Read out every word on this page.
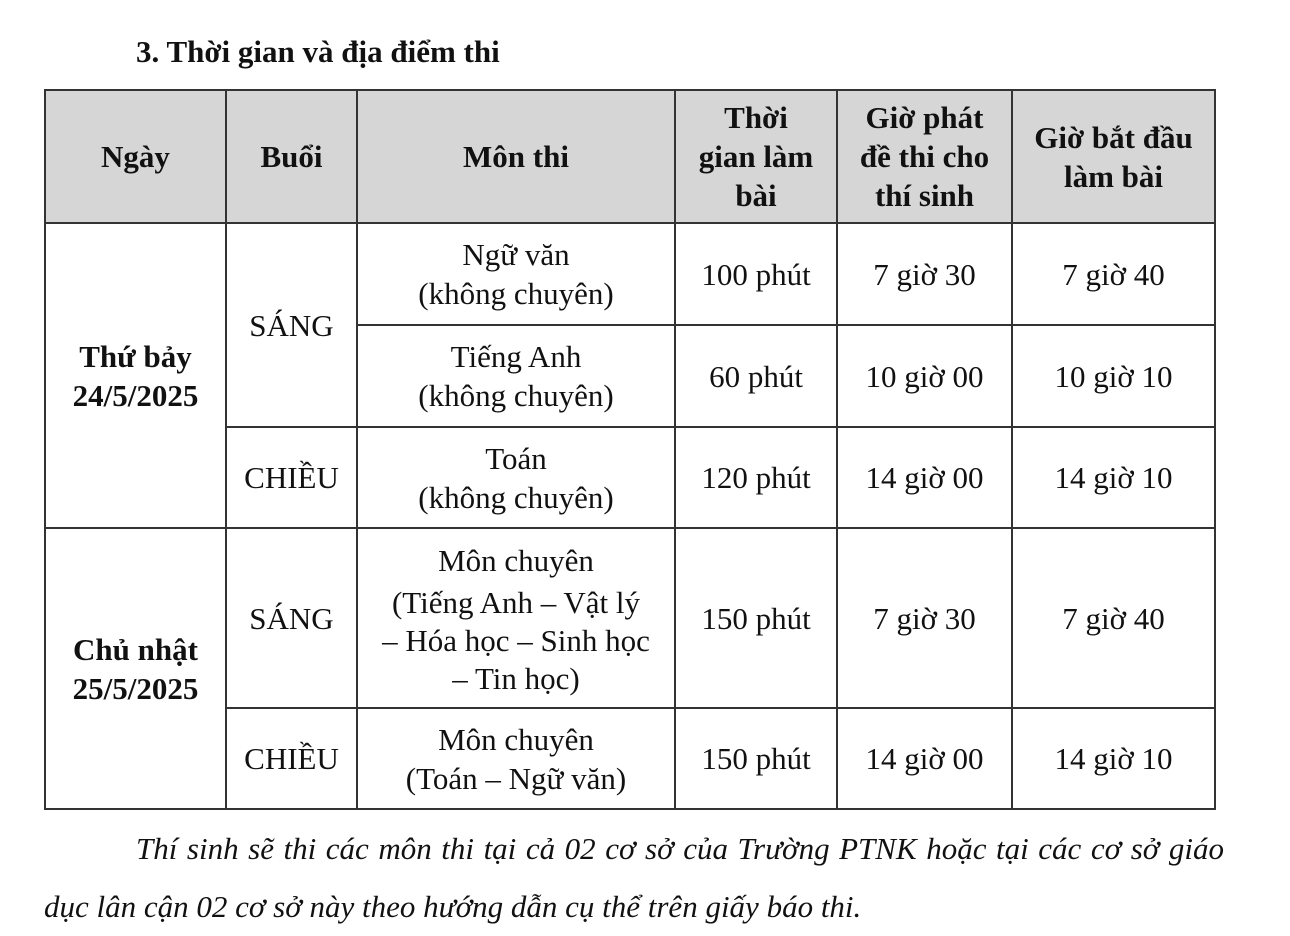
3. Thời gian và địa điểm thi
Ngày	Buổi	Môn thi	Thời
gian làm
bài	Giờ phát
đề thi cho
thí sinh	Giờ bắt đầu
làm bài

Thứ bảy
24/5/2025	SÁNG	Ngữ văn
(không chuyên)	100 phút	7 giờ 30	7 giờ 40

		Tiếng Anh
(không chuyên)	60 phút	10 giờ 00	10 giờ 10
	CHIỀU	Toán
(không chuyên)	120 phút	14 giờ 00	14 giờ 10

Chủ nhật
25/5/2025	SÁNG	Môn chuyên
(Tiếng Anh – Vật lý
– Hóa học – Sinh học
– Tin học)	150 phút	7 giờ 30	7 giờ 40
	CHIỀU	Môn chuyên
(Toán – Ngữ văn)	150 phút	14 giờ 00	14 giờ 10
Thí sinh sẽ thi các môn thi tại cả 02 cơ sở của Trường PTNK hoặc tại các cơ sở giáo dục lân cận 02 cơ sở này theo hướng dẫn cụ thể trên giấy báo thi.
